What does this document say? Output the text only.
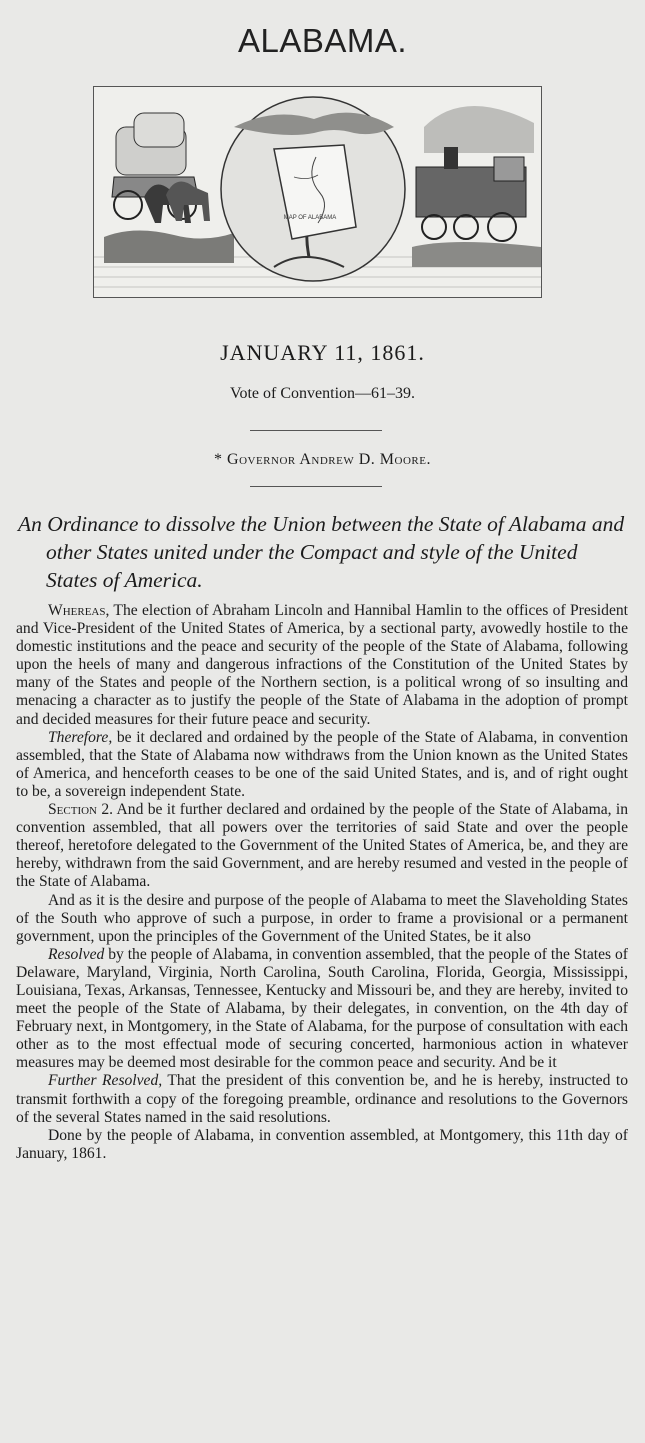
ALABAMA.
MAP OF ALABAMA
JANUARY 11, 1861.
Vote of Convention—61–39.
* Governor Andrew D. Moore.
An Ordinance to dissolve the Union between the State of Alabama and other States united under the Compact and style of the United States of America.

Whereas, The election of Abraham Lincoln and Hannibal Hamlin to the offices of President and Vice-President of the United States of America, by a sectional party, avowedly hostile to the domestic institutions and the peace and security of the people of the State of Alabama, following upon the heels of many and dangerous infractions of the Constitution of the United States by many of the States and people of the Northern section, is a political wrong of so insulting and menacing a character as to justify the people of the State of Alabama in the adoption of prompt and decided measures for their future peace and security.

Therefore, be it declared and ordained by the people of the State of Alabama, in convention assembled, that the State of Alabama now withdraws from the Union known as the United States of America, and henceforth ceases to be one of the said United States, and is, and of right ought to be, a sovereign independent State.

Section 2. And be it further declared and ordained by the people of the State of Alabama, in convention assembled, that all powers over the territories of said State and over the people thereof, heretofore delegated to the Government of the United States of America, be, and they are hereby, withdrawn from the said Government, and are hereby resumed and vested in the people of the State of Alabama.

And as it is the desire and purpose of the people of Alabama to meet the Slaveholding States of the South who approve of such a purpose, in order to frame a provisional or a permanent government, upon the principles of the Government of the United States, be it also

Resolved by the people of Alabama, in convention assembled, that the people of the States of Delaware, Maryland, Virginia, North Carolina, South Carolina, Florida, Georgia, Mississippi, Louisiana, Texas, Arkansas, Tennessee, Kentucky and Missouri be, and they are hereby, invited to meet the people of the State of Alabama, by their delegates, in convention, on the 4th day of February next, in Montgomery, in the State of Alabama, for the purpose of consultation with each other as to the most effectual mode of securing concerted, harmonious action in whatever measures may be deemed most desirable for the common peace and security. And be it

Further Resolved, That the president of this convention be, and he is hereby, instructed to transmit forthwith a copy of the foregoing preamble, ordinance and resolutions to the Governors of the several States named in the said resolutions.

Done by the people of Alabama, in convention assembled, at Montgomery, this 11th day of January, 1861.
